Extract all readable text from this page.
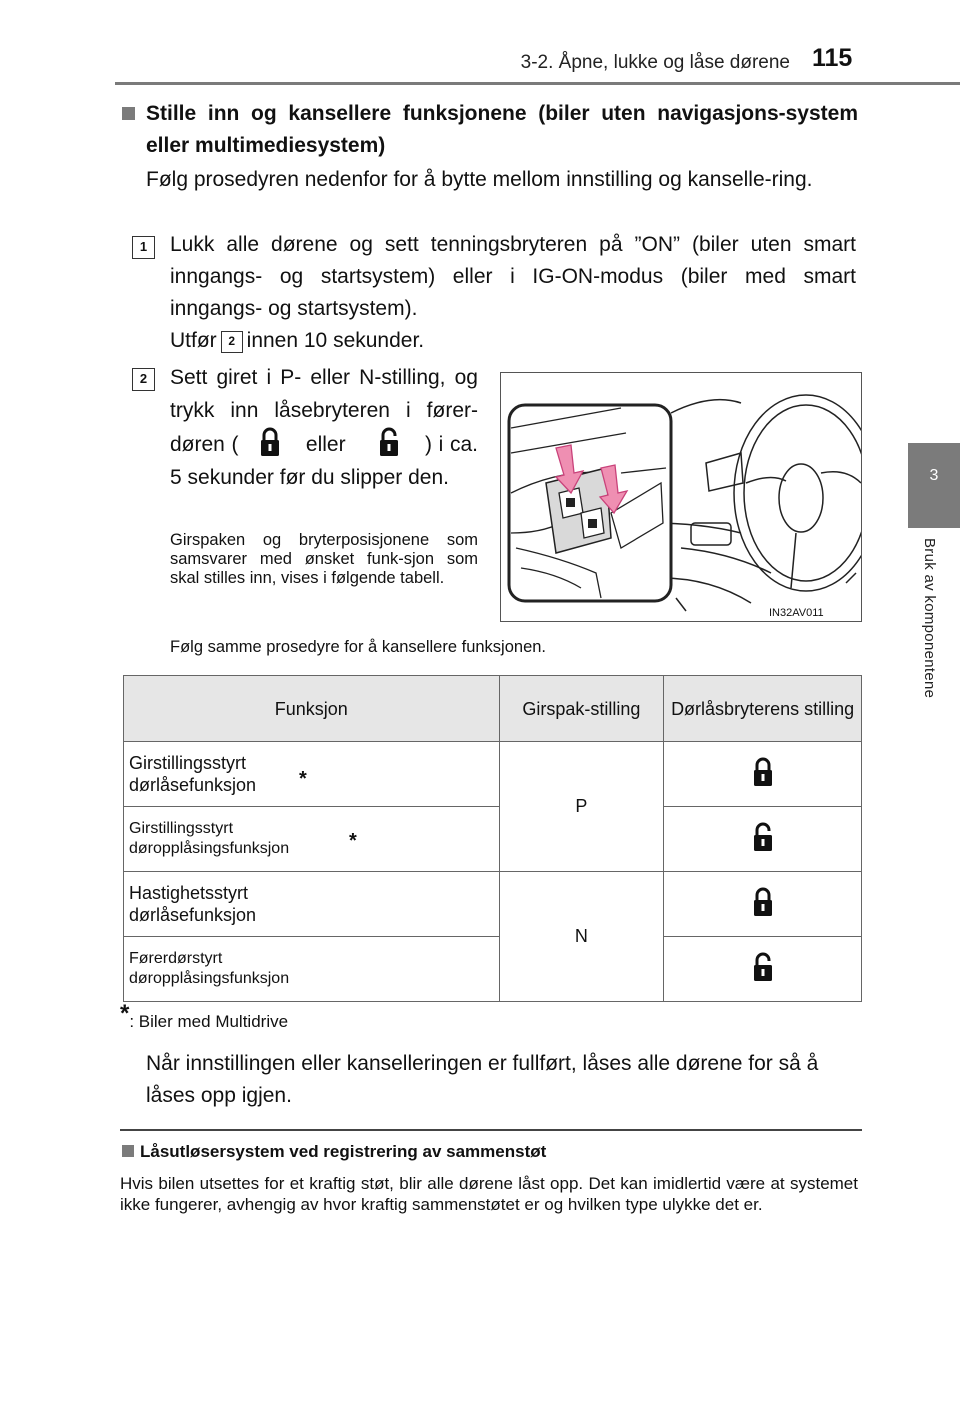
3-2. Åpne, lukke og låse dørene 115
3
Bruk av komponentene
Stille inn og kansellere funksjonene (biler uten navigasjons-system eller multimediesystem)
Følg prosedyren nedenfor for å bytte mellom innstilling og kanselle-ring.
1	Lukk alle dørene og sett tenningsbryteren på ”ON” (biler uten smart inngangs- og startsystem) eller i IG-ON-modus (biler med smart inngangs- og startsystem).
Utfør 2 innen 10 sekunder.
2	Sett giret i P- eller N-stilling, og trykk inn låsebryteren i fører-døren (	eller	) i ca. 5 sekunder før du slipper den.
Girspaken og bryterposisjonene som samsvarer med ønsket funk-sjon som skal stilles inn, vises i følgende tabell.
Følg samme prosedyre for å kansellere funksjonen.
IN32AV011
Funksjon	Girspak-stilling	Dørlåsbryterens stilling
Girstillingsstyrt dørlåsefunksjon *	P	
Girstillingsstyrt døropplåsingsfunksjon *	
Hastighetsstyrt dørlåsefunksjon	N	
Førerdørstyrt døropplåsingsfunksjon	
*: Biler med Multidrive
Når innstillingen eller kanselleringen er fullført, låses alle dørene for så å låses opp igjen.
Låsutløsersystem ved registrering av sammenstøt
Hvis bilen utsettes for et kraftig støt, blir alle dørene låst opp. Det kan imidlertid være at systemet ikke fungerer, avhengig av hvor kraftig sammenstøtet er og hvilken type ulykke det er.
